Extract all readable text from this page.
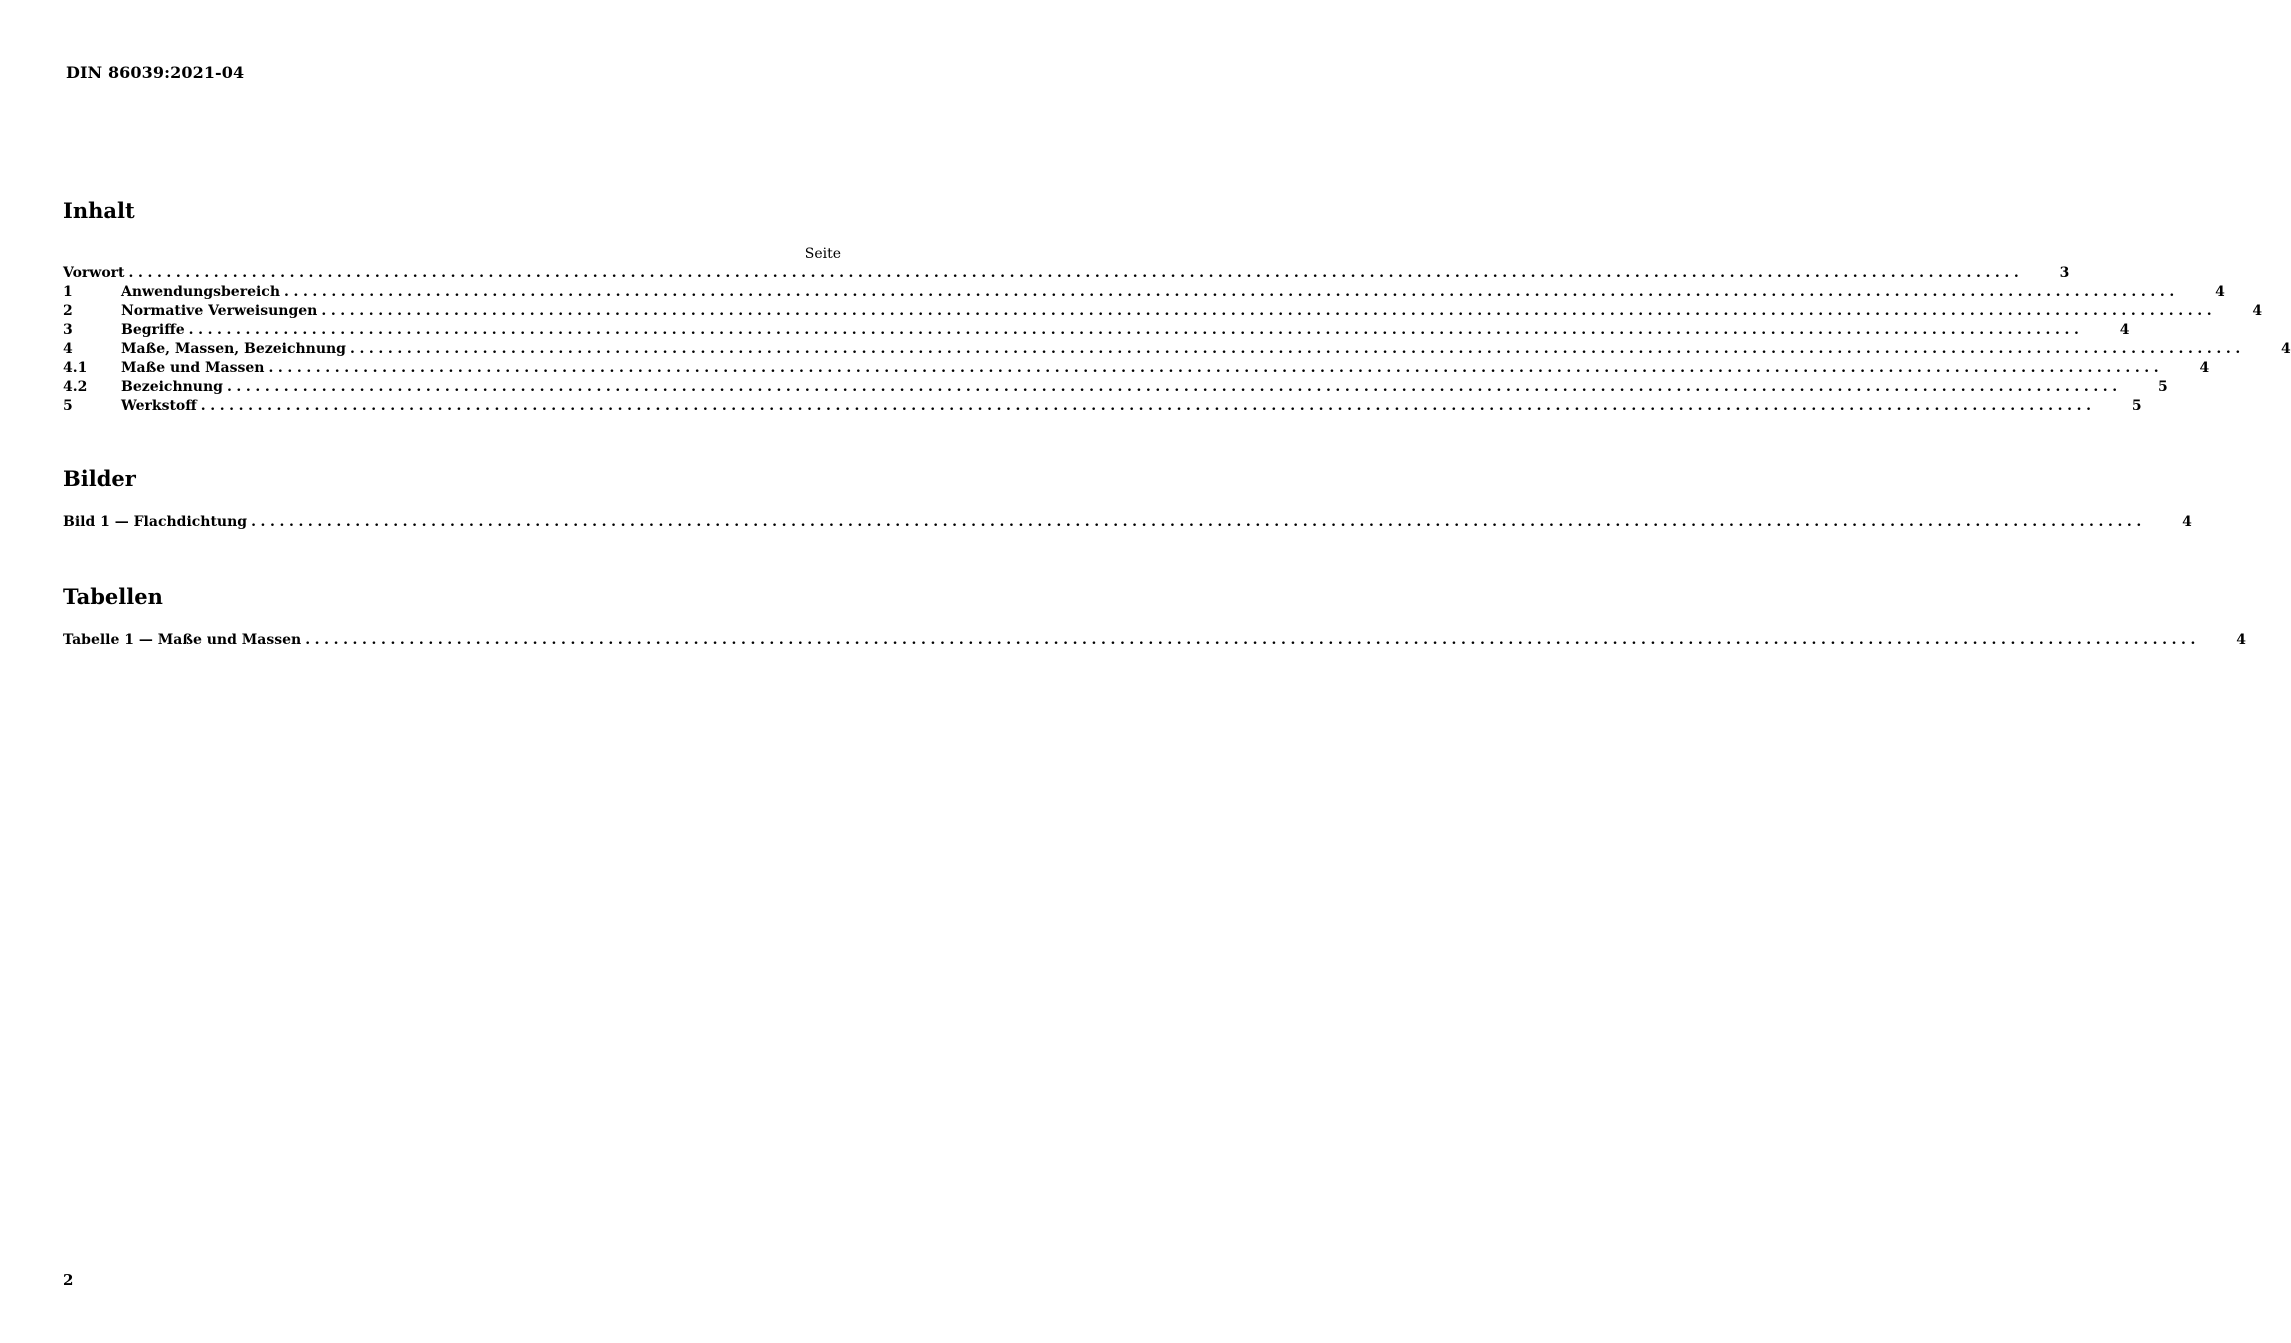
DIN 86039:2021-04
Inhalt
Seite
Vorwort ........................................................................................................................................................................................................	3
1	Anwendungsbereich ........................................................................................................................................................................................................	4
2	Normative Verweisungen ........................................................................................................................................................................................................	4
3	Begriffe ........................................................................................................................................................................................................	4
4	Maße, Massen, Bezeichnung ........................................................................................................................................................................................................	4
4.1	Maße und Massen ........................................................................................................................................................................................................	4
4.2	Bezeichnung ........................................................................................................................................................................................................	5
5	Werkstoff ........................................................................................................................................................................................................	5
Bilder
Bild 1 — Flachdichtung ........................................................................................................................................................................................................	4
Tabellen
Tabelle 1 — Maße und Massen ........................................................................................................................................................................................................	4
2
